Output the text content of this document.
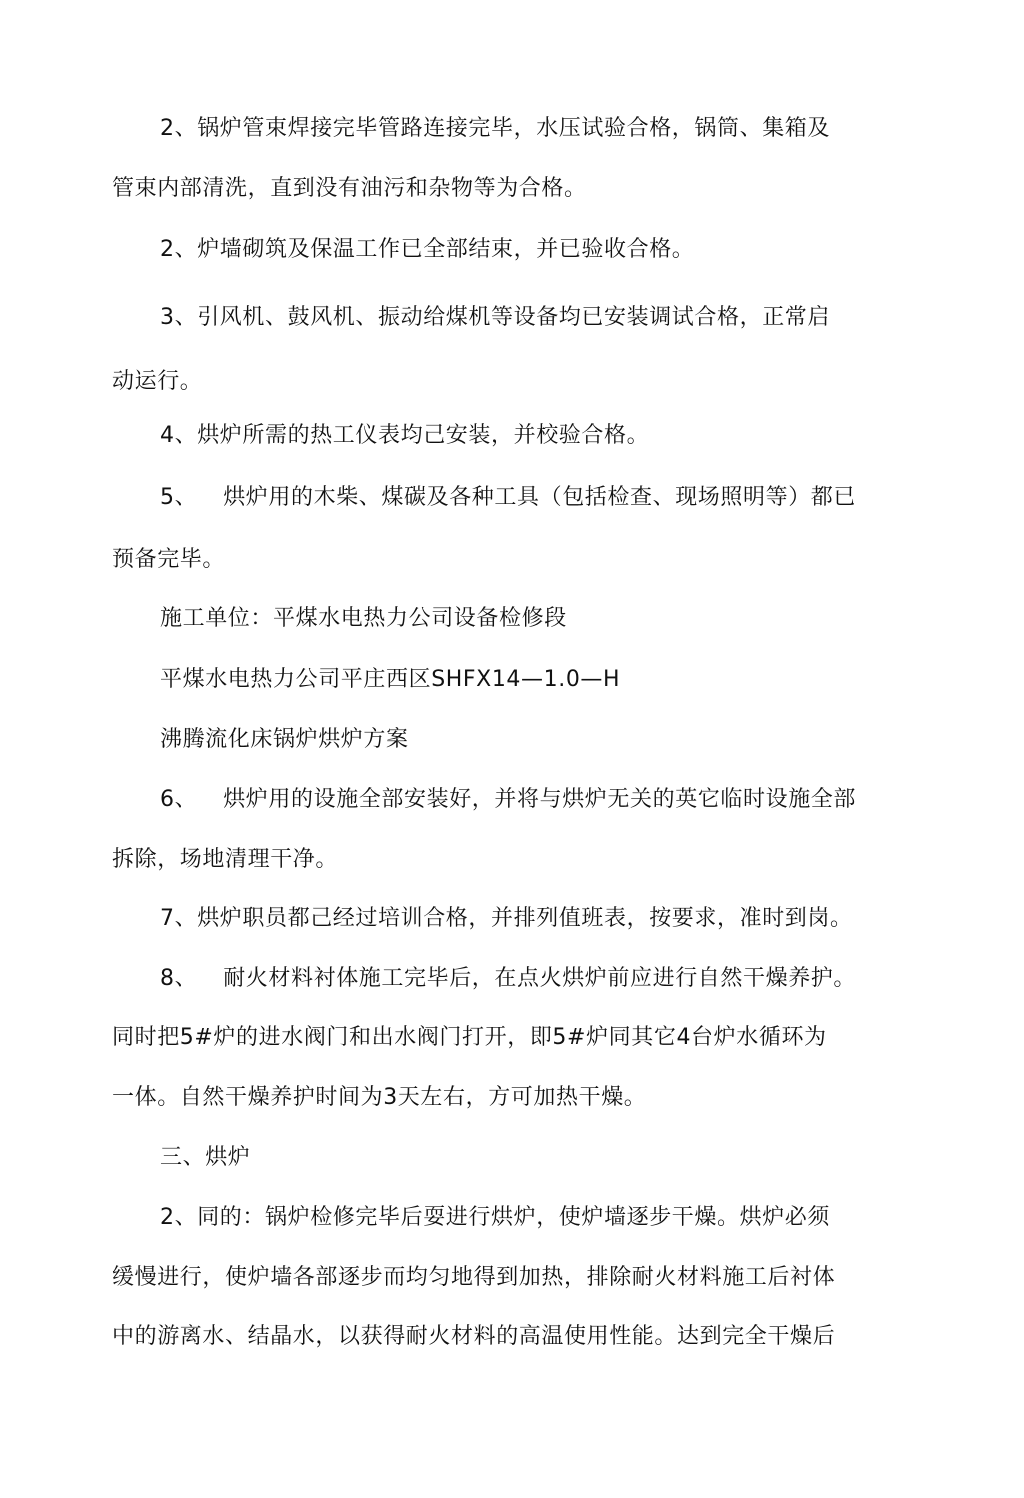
2、锅炉管束焊接完毕管路连接完毕，水压试验合格，锅筒、集箱及
管束内部清洗，直到没有油污和杂物等为合格。
2、炉墙砌筑及保温工作已全部结束，并已验收合格。
3、引风机、鼓风机、振动给煤机等设备均已安装调试合格，正常启
动运行。
4、烘炉所需的热工仪表均己安装，并校验合格。
5、 烘炉用的木柴、煤碳及各种工具（包括检查、现场照明等）都已
预备完毕。
施工单位：平煤水电热力公司设备检修段
平煤水电热力公司平庄西区SHFX14—1.0—H
沸腾流化床锅炉烘炉方案
6、 烘炉用的设施全部安装好，并将与烘炉无关的英它临时设施全部
拆除，场地清理干净。
7、烘炉职员都己经过培训合格，并排列值班表，按要求，准时到岗。
8、 耐火材料衬体施工完毕后，在点火烘炉前应进行自然干燥养护。
同时把5#炉的进水阀门和出水阀门打开，即5#炉同其它4台炉水循环为
一体。自然干燥养护时间为3天左右，方可加热干燥。
三、烘炉
2、同的：锅炉检修完毕后耍进行烘炉，使炉墙逐步干燥。烘炉必须
缓慢进行，使炉墙各部逐步而均匀地得到加热，排除耐火材料施工后衬体
中的游离水、结晶水，以获得耐火材料的高温使用性能。达到完全干燥后
